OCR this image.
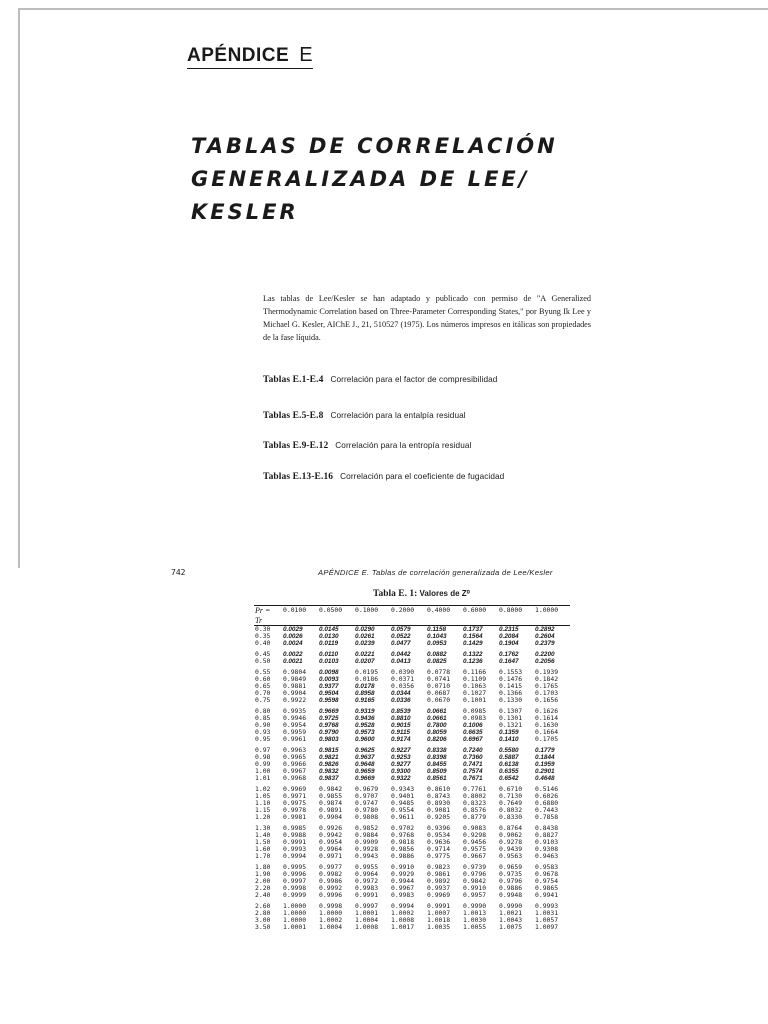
APÉNDICE E
TABLAS DE CORRELACIÓN
GENERALIZADA DE LEE/
KESLER

Las tablas de Lee/Kesler se han adaptado y publicado con permiso de "A Generalized Thermodynamic Correlation based on Three-Parameter Corresponding States," por Byung Ik Lee y Michael G. Kesler, AIChE J., 21, 510527 (1975). Los números impresos en itálicas son propiedades de la fase líquida.

Tablas E.1-E.4 Correlación para el factor de compresibilidad
Tablas E.5-E.8 Correlación para la entalpía residual
Tablas E.9-E.12 Correlación para la entropía residual
Tablas E.13-E.16 Correlación para el coeficiente de fugacidad
742	APÉNDICE E. Tablas de correlación generalizada de Lee/Kesler
Tabla E. 1: Valores de Z⁰
Pr =	0.0100	0.0500	0.1000	0.2000	0.4000	0.6000	0.8000	1.0000
Tr								
0.30	0.0029	0.0145	0.0290	0.0579	0.1158	0.1737	0.2315	0.2892
0.35	0.0026	0.0130	0.0261	0.0522	0.1043	0.1564	0.2084	0.2604
0.40	0.0024	0.0119	0.0239	0.0477	0.0953	0.1429	0.1904	0.2379
0.45	0.0022	0.0110	0.0221	0.0442	0.0882	0.1322	0.1762	0.2200
0.50	0.0021	0.0103	0.0207	0.0413	0.0825	0.1236	0.1647	0.2056
0.55	0.9804	0.0098	0.0195	0.0390	0.0778	0.1166	0.1553	0.1939
0.60	0.9849	0.0093	0.0186	0.0371	0.0741	0.1109	0.1476	0.1842
0.65	0.9881	0.9377	0.0178	0.0356	0.0710	0.1063	0.1415	0.1765
0.70	0.9904	0.9504	0.8958	0.0344	0.0687	0.1027	0.1366	0.1703
0.75	0.9922	0.9598	0.9165	0.0336	0.0670	0.1001	0.1330	0.1656
0.80	0.9935	0.9669	0.9319	0.8539	0.0661	0.0985	0.1307	0.1626
0.85	0.9946	0.9725	0.9436	0.8810	0.0661	0.0983	0.1301	0.1614
0.90	0.9954	0.9768	0.9528	0.9015	0.7800	0.1006	0.1321	0.1630
0.93	0.9959	0.9790	0.9573	0.9115	0.8059	0.6635	0.1359	0.1664
0.95	0.9961	0.9803	0.9600	0.9174	0.8206	0.6967	0.1410	0.1705
0.97	0.9963	0.9815	0.9625	0.9227	0.8338	0.7240	0.5580	0.1779
0.98	0.9965	0.9821	0.9637	0.9253	0.8398	0.7360	0.5887	0.1844
0.99	0.9966	0.9826	0.9648	0.9277	0.8455	0.7471	0.6138	0.1959
1.00	0.9967	0.9832	0.9659	0.9300	0.8509	0.7574	0.6355	0.2901
1.01	0.9968	0.9837	0.9669	0.9322	0.8561	0.7671	0.6542	0.4648
1.02	0.9969	0.9842	0.9679	0.9343	0.8610	0.7761	0.6710	0.5146
1.05	0.9971	0.9855	0.9707	0.9401	0.8743	0.8002	0.7130	0.6026
1.10	0.9975	0.9874	0.9747	0.9485	0.8930	0.8323	0.7649	0.6880
1.15	0.9978	0.9891	0.9780	0.9554	0.9081	0.8576	0.8032	0.7443
1.20	0.9981	0.9904	0.9808	0.9611	0.9205	0.8779	0.8330	0.7858
1.30	0.9985	0.9926	0.9852	0.9702	0.9396	0.9083	0.8764	0.8438
1.40	0.9988	0.9942	0.9884	0.9768	0.9534	0.9298	0.9062	0.8827
1.50	0.9991	0.9954	0.9909	0.9818	0.9636	0.9456	0.9278	0.9103
1.60	0.9993	0.9964	0.9928	0.9856	0.9714	0.9575	0.9439	0.9308
1.70	0.9994	0.9971	0.9943	0.9886	0.9775	0.9667	0.9563	0.9463
1.80	0.9995	0.9977	0.9955	0.9910	0.9823	0.9739	0.9659	0.9583
1.90	0.9996	0.9982	0.9964	0.9929	0.9861	0.9796	0.9735	0.9678
2.00	0.9997	0.9986	0.9972	0.9944	0.9892	0.9842	0.9796	0.9754
2.20	0.9998	0.9992	0.9983	0.9967	0.9937	0.9910	0.9886	0.9865
2.40	0.9999	0.9996	0.9991	0.9983	0.9969	0.9957	0.9948	0.9941
2.60	1.0000	0.9998	0.9997	0.9994	0.9991	0.9990	0.9990	0.9993
2.80	1.0000	1.0000	1.0001	1.0002	1.0007	1.0013	1.0021	1.0031
3.00	1.0000	1.0002	1.0004	1.0008	1.0018	1.0030	1.0043	1.0057
3.50	1.0001	1.0004	1.0008	1.0017	1.0035	1.0055	1.0075	1.0097
